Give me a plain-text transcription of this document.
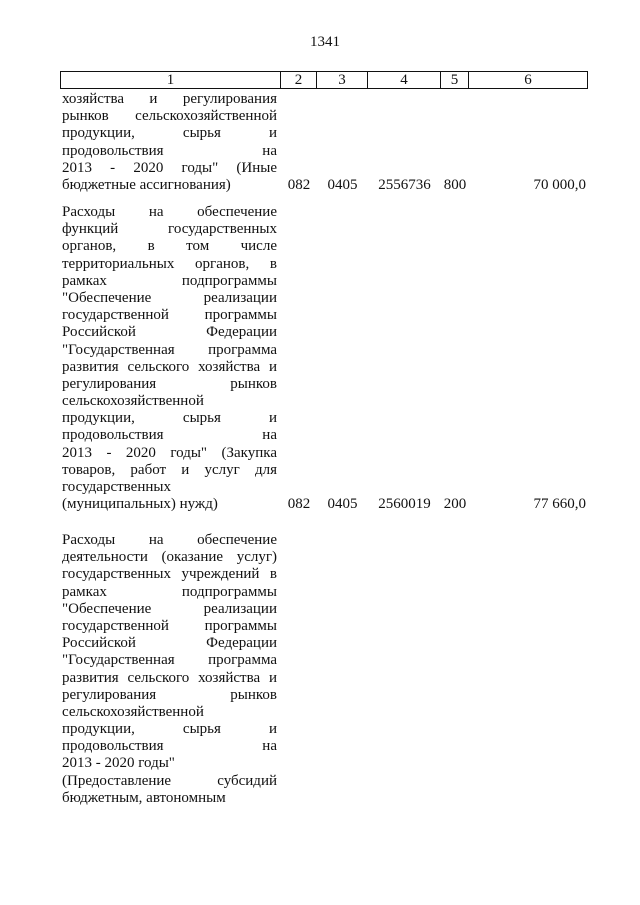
1341
1	2	3	4	5	6
хозяйства и регулирования
рынков сельскохозяйственной
продукции, сырья и
продовольствия на
2013 - 2020 годы" (Иные
бюджетные ассигнования)	082	0405	2556736 800	70 000,0
Расходы на обеспечение
функций государственных
органов, в том числе
территориальных органов, в
рамках подпрограммы
"Обеспечение реализации
государственной программы
Российской Федерации
"Государственная программа
развития сельского хозяйства и
регулирования рынков
сельскохозяйственной
продукции, сырья и
продовольствия на
2013 - 2020 годы" (Закупка
товаров, работ и услуг для
государственных
(муниципальных) нужд)	082	0405	2560019 200	77 660,0
Расходы на обеспечение
деятельности (оказание услуг)
государственных учреждений в
рамках подпрограммы
"Обеспечение реализации
государственной программы
Российской Федерации
"Государственная программа
развития сельского хозяйства и
регулирования рынков
сельскохозяйственной
продукции, сырья и
продовольствия на
2013 - 2020 годы"
(Предоставление субсидий
бюджетным, автономным
